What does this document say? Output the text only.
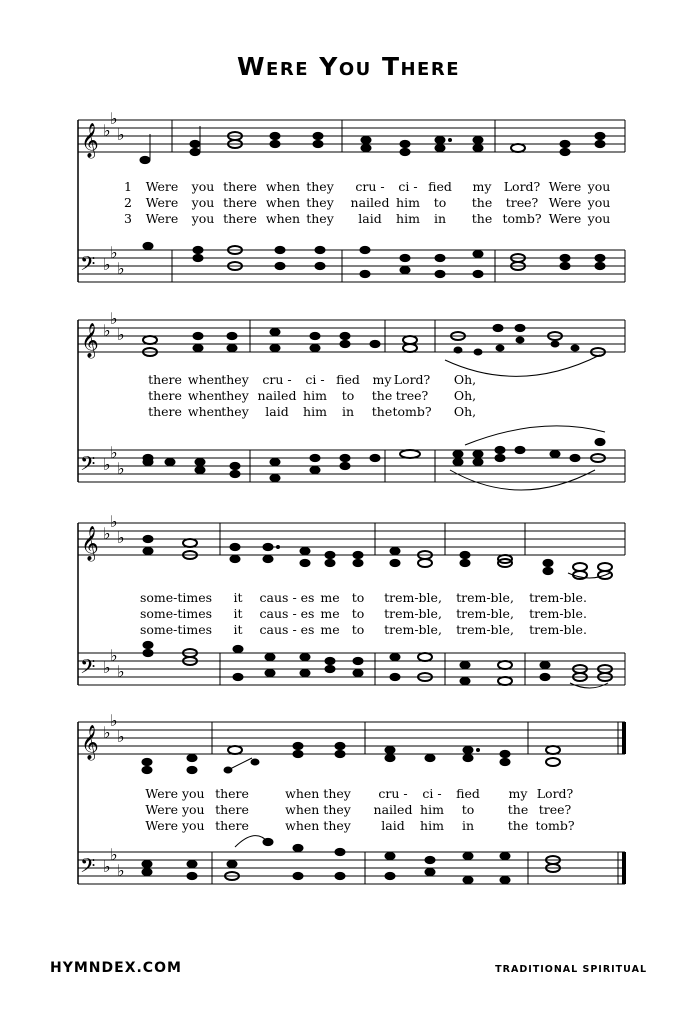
Were You There
𝄞
𝄢
♭
♭
♭
♭
♭
♭
1 Were you there when they cru - ci - fied my Lord? Were you
2 Were you there when they nailed him to the tree? Were you
3 Were you there when they laid him in the tomb? Were you
𝄞
𝄢
♭
♭
♭
♭
♭
♭
there when they cru - ci - fied my Lord? Oh,
there when they nailed him to the tree? Oh,
there when they laid him in the tomb? Oh,
𝄞
𝄢
♭
♭
♭
♭
♭
♭
some-times it caus - es me to trem-ble, trem-ble, trem-ble.
some-times it caus - es me to trem-ble, trem-ble, trem-ble.
some-times it caus - es me to trem-ble, trem-ble, trem-ble.
𝄞
𝄢
♭
♭
♭
♭
♭
♭
Were you there	when they cru - ci - fied my Lord?
Were you there	when they nailed him to	the tree?
Were you there	when they laid him in	the tomb?
HYMNDEX.COM	TRADITIONAL SPIRITUAL
